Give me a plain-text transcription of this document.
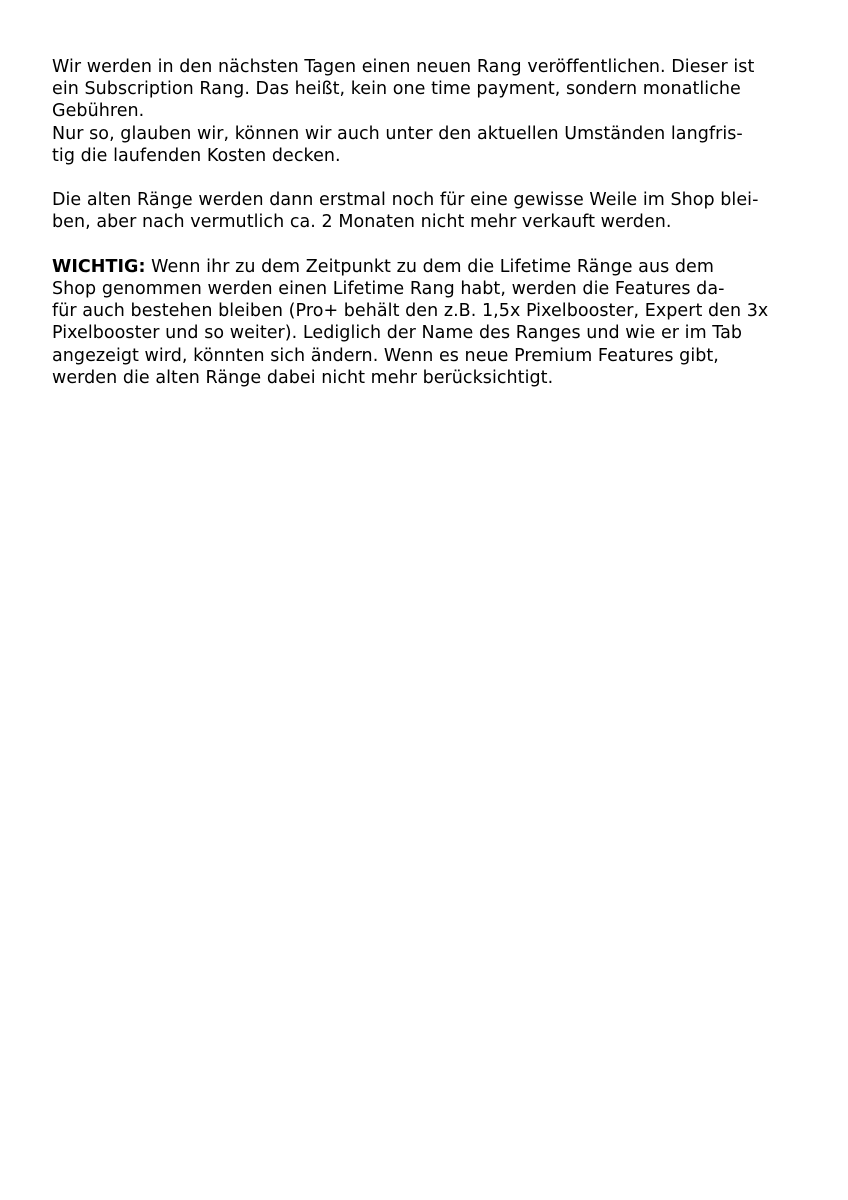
Wir werden in den nächsten Tagen einen neuen Rang veröffentlichen. Dieser ist
ein Subscription Rang. Das heißt, kein one time payment, sondern monatliche
Gebühren.
Nur so, glauben wir, können wir auch unter den aktuellen Umständen langfris-
tig die laufenden Kosten decken.

Die alten Ränge werden dann erstmal noch für eine gewisse Weile im Shop blei-
ben, aber nach vermutlich ca. 2 Monaten nicht mehr verkauft werden.

WICHTIG: Wenn ihr zu dem Zeitpunkt zu dem die Lifetime Ränge aus dem
Shop genommen werden einen Lifetime Rang habt, werden die Features da-
für auch bestehen bleiben (Pro+ behält den z.B. 1,5x Pixelbooster, Expert den 3x
Pixelbooster und so weiter). Lediglich der Name des Ranges und wie er im Tab
angezeigt wird, könnten sich ändern. Wenn es neue Premium Features gibt,
werden die alten Ränge dabei nicht mehr berücksichtigt.
